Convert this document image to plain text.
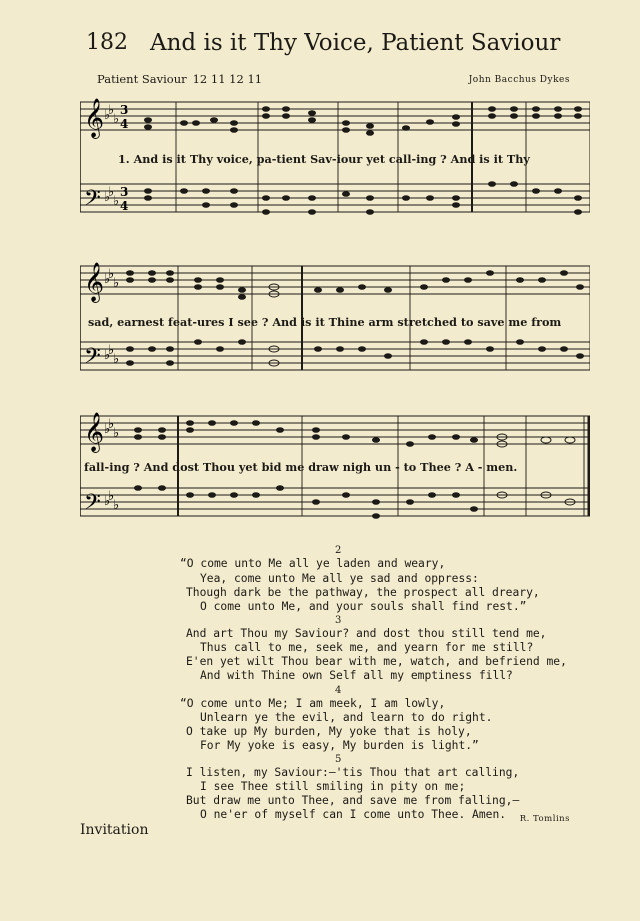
182 And is it Thy Voice, Patient Saviour
Patient Saviour 12 11 12 11	John Bacchus Dykes
𝄞
𝄢
3
4
3
4
♭
♭
♭
♭
♭
♭
1. And is it Thy voice, pa-tient Sav-iour yet call-ing ? And is it Thy
𝄞
𝄢
♭
♭
♭
♭
♭
♭
sad, earnest feat-ures I see ? And is it Thine arm stretched to save me from
𝄞
𝄢
♭
♭
♭
♭
♭
♭
fall-ing ? And dost Thou yet bid me draw nigh un - to Thee ? A - men.
2
“O come unto Me all ye laden and weary,
Yea, come unto Me all ye sad and oppress:
Though dark be the pathway, the prospect all dreary,
O come unto Me, and your souls shall find rest.”
3
And art Thou my Saviour? and dost thou still tend me,
Thus call to me, seek me, and yearn for me still?
E'en yet wilt Thou bear with me, watch, and befriend me,
And with Thine own Self all my emptiness fill?
4
“O come unto Me; I am meek, I am lowly,
Unlearn ye the evil, and learn to do right.
O take up My burden, My yoke that is holy,
For My yoke is easy, My burden is light.”
5
I listen, my Saviour:—'tis Thou that art calling,
I see Thee still smiling in pity on me;
But draw me unto Thee, and save me from falling,—
O ne'er of myself can I come unto Thee. Amen. R. Tomlins
Invitation
